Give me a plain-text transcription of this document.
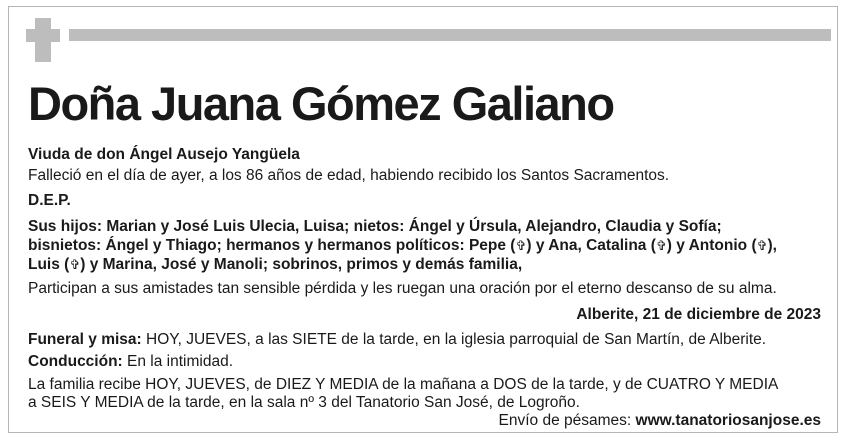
Doña Juana Gómez Galiano
Viuda de don Ángel Ausejo Yangüela
Falleció en el día de ayer, a los 86 años de edad, habiendo recibido los Santos Sacramentos.
D.E.P.
Sus hijos: Marian y José Luis Ulecia, Luisa; nietos: Ángel y Úrsula, Alejandro, Claudia y Sofía;
bisnietos: Ángel y Thiago; hermanos y hermanos políticos: Pepe (✞) y Ana, Catalina (✞) y Antonio (✞),
Luis (✞) y Marina, José y Manoli; sobrinos, primos y demás familia,
Participan a sus amistades tan sensible pérdida y les ruegan una oración por el eterno descanso de su alma.
Alberite, 21 de diciembre de 2023
Funeral y misa: HOY, JUEVES, a las SIETE de la tarde, en la iglesia parroquial de San Martín, de Alberite.
Conducción: En la intimidad.
La familia recibe HOY, JUEVES, de DIEZ Y MEDIA de la mañana a DOS de la tarde, y de CUATRO Y MEDIA
a SEIS Y MEDIA de la tarde, en la sala nº 3 del Tanatorio San José, de Logroño.
Envío de pésames: www.tanatoriosanjose.es
